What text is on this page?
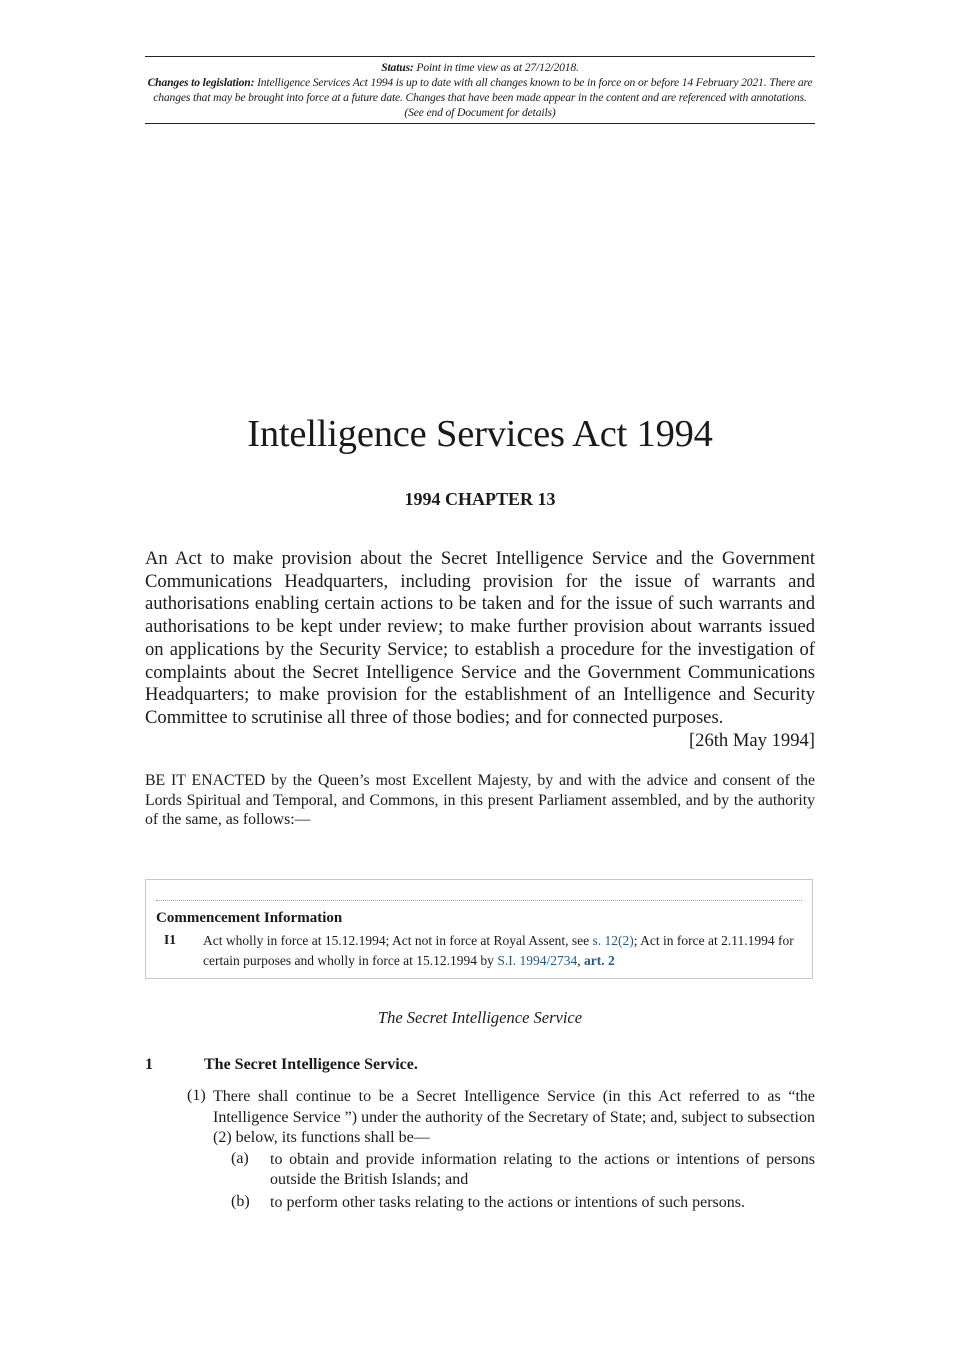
Status: Point in time view as at 27/12/2018.
Changes to legislation: Intelligence Services Act 1994 is up to date with all changes known to be in force on or before 14 February 2021. There are changes that may be brought into force at a future date. Changes that have been made appear in the content and are referenced with annotations. (See end of Document for details)
Intelligence Services Act 1994
1994 CHAPTER 13

An Act to make provision about the Secret Intelligence Service and the Government Communications Headquarters, including provision for the issue of warrants and authorisations enabling certain actions to be taken and for the issue of such warrants and authorisations to be kept under review; to make further provision about warrants issued on applications by the Security Service; to establish a procedure for the investigation of complaints about the Secret Intelligence Service and the Government Communications Headquarters; to make provision for the establishment of an Intelligence and Security Committee to scrutinise all three of those bodies; and for connected purposes.
[26th May 1994]

BE IT ENACTED by the Queen’s most Excellent Majesty, by and with the advice and consent of the Lords Spiritual and Temporal, and Commons, in this present Parliament assembled, and by the authority of the same, as follows:—

Commencement Information
I1 Act wholly in force at 15.12.1994; Act not in force at Royal Assent, see s. 12(2); Act in force at 2.11.1994 for certain purposes and wholly in force at 15.12.1994 by S.I. 1994/2734, art. 2

The Secret Intelligence Service

1	The Secret Intelligence Service.
(1) There shall continue to be a Secret Intelligence Service (in this Act referred to as “the Intelligence Service ”) under the authority of the Secretary of State; and, subject to subsection (2) below, its functions shall be—

(a) to obtain and provide information relating to the actions or intentions of persons outside the British Islands; and

(b) to perform other tasks relating to the actions or intentions of such persons.
